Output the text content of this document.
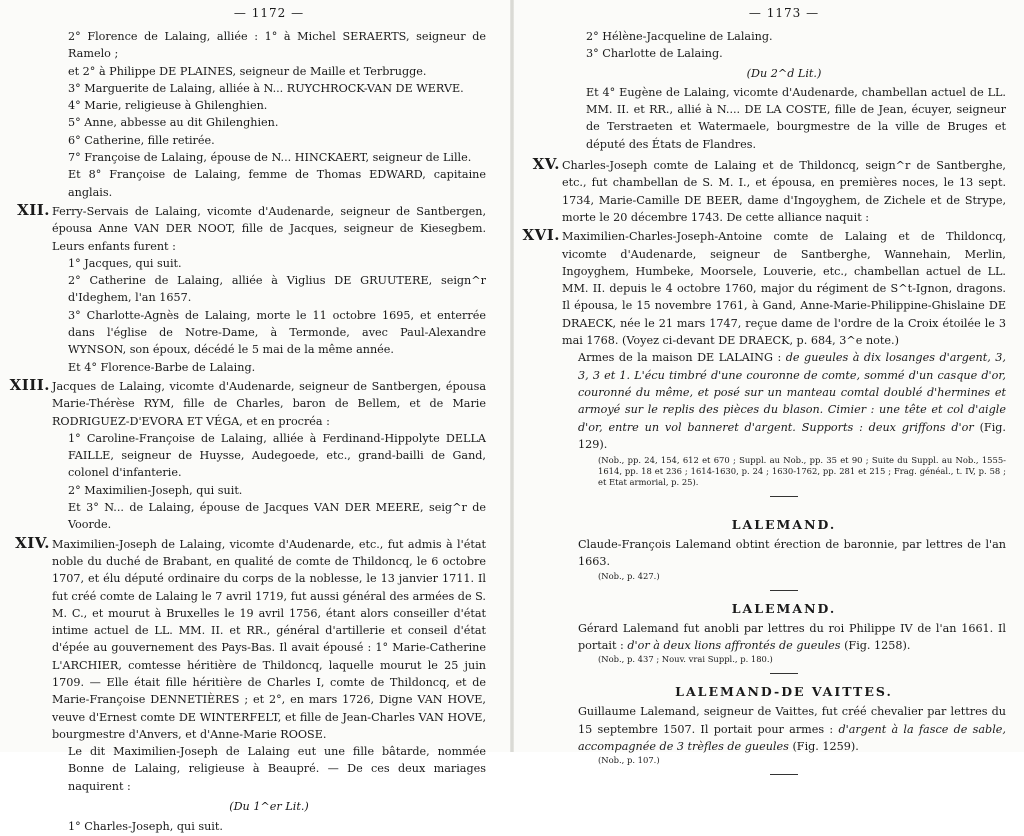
— 1172 —

2° Florence de Lalaing, alliée : 1° à Michel SERAERTS, seigneur de Ramelo ;

et 2° à Philippe DE PLAINES, seigneur de Maille et Terbrugge.

3° Marguerite de Lalaing, alliée à N... RUYCHROCK-VAN DE WERVE.

4° Marie, religieuse à Ghilenghien.

5° Anne, abbesse au dit Ghilenghien.

6° Catherine, fille retirée.

7° Françoise de Lalaing, épouse de N... HINCKAERT, seigneur de Lille.

Et 8° Françoise de Lalaing, femme de Thomas EDWARD, capitaine anglais.

XII. Ferry-Servais de Lalaing, vicomte d'Audenarde, seigneur de Santbergen, épousa Anne VAN DER NOOT, fille de Jacques, seigneur de Kiesegbem. Leurs enfants furent :

1° Jacques, qui suit.

2° Catherine de Lalaing, alliée à Viglius DE GRUUTERE, seign^r d'Ideghem, l'an 1657.

3° Charlotte-Agnès de Lalaing, morte le 11 octobre 1695, et enterrée dans l'église de Notre-Dame, à Termonde, avec Paul-Alexandre WYNSON, son époux, décédé le 5 mai de la même année.

Et 4° Florence-Barbe de Lalaing.

XIII. Jacques de Lalaing, vicomte d'Audenarde, seigneur de Santbergen, épousa Marie-Thérèse RYM, fille de Charles, baron de Bellem, et de Marie RODRIGUEZ-D'EVORA ET VÉGA, et en procréa :

1° Caroline-Françoise de Lalaing, alliée à Ferdinand-Hippolyte DELLA FAILLE, seigneur de Huysse, Audegoede, etc., grand-bailli de Gand, colonel d'infanterie.

2° Maximilien-Joseph, qui suit.

Et 3° N... de Lalaing, épouse de Jacques VAN DER MEERE, seig^r de Voorde.

XIV. Maximilien-Joseph de Lalaing, vicomte d'Audenarde, etc., fut admis à l'état noble du duché de Brabant, en qualité de comte de Thildoncq, le 6 octobre 1707, et élu député ordinaire du corps de la noblesse, le 13 janvier 1711. Il fut créé comte de Lalaing le 7 avril 1719, fut aussi général des armées de S. M. C., et mourut à Bruxelles le 19 avril 1756, étant alors conseiller d'état intime actuel de LL. MM. II. et RR., général d'artillerie et conseil d'état d'épée au gouvernement des Pays-Bas. Il avait épousé : 1° Marie-Catherine L'ARCHIER, comtesse héritière de Thildoncq, laquelle mourut le 25 juin 1709. — Elle était fille héritière de Charles I, comte de Thildoncq, et de Marie-Françoise DENNETIÈRES ; et 2°, en mars 1726, Digne VAN HOVE, veuve d'Ernest comte DE WINTERFELT, et fille de Jean-Charles VAN HOVE, bourgmestre d'Anvers, et d'Anne-Marie ROOSE.

Le dit Maximilien-Joseph de Lalaing eut une fille bâtarde, nommée Bonne de Lalaing, religieuse à Beaupré. — De ces deux mariages naquirent :

(Du 1^er Lit.)

1° Charles-Joseph, qui suit.

— 1173 —

2° Hélène-Jacqueline de Lalaing.

3° Charlotte de Lalaing.

(Du 2^d Lit.)

Et 4° Eugène de Lalaing, vicomte d'Audenarde, chambellan actuel de LL. MM. II. et RR., allié à N.... DE LA COSTE, fille de Jean, écuyer, seigneur de Terstraeten et Watermaele, bourgmestre de la ville de Bruges et député des États de Flandres.

XV. Charles-Joseph comte de Lalaing et de Thildoncq, seign^r de Santberghe, etc., fut chambellan de S. M. I., et épousa, en premières noces, le 13 sept. 1734, Marie-Camille DE BEER, dame d'Ingoyghem, de Zichele et de Strype, morte le 20 décembre 1743. De cette alliance naquit :

XVI. Maximilien-Charles-Joseph-Antoine comte de Lalaing et de Thildoncq, vicomte d'Audenarde, seigneur de Santberghe, Wannehain, Merlin, Ingoyghem, Humbeke, Moorsele, Louverie, etc., chambellan actuel de LL. MM. II. depuis le 4 octobre 1760, major du régiment de S^t-Ignon, dragons. Il épousa, le 15 novembre 1761, à Gand, Anne-Marie-Philippine-Ghislaine DE DRAECK, née le 21 mars 1747, reçue dame de l'ordre de la Croix étoilée le 3 mai 1768. (Voyez ci-devant DE DRAECK, p. 684, 3^e note.)

Armes de la maison DE LALAING : de gueules à dix losanges d'argent, 3, 3, 3 et 1. L'écu timbré d'une couronne de comte, sommé d'un casque d'or, couronné du même, et posé sur un manteau comtal doublé d'hermines et armoyé sur le replis des pièces du blason. Cimier : une tête et col d'aigle d'or, entre un vol banneret d'argent. Supports : deux griffons d'or (Fig. 129).

(Nob., pp. 24, 154, 612 et 670 ; Suppl. au Nob., pp. 35 et 90 ; Suite du Suppl. au Nob., 1555-1614, pp. 18 et 236 ; 1614-1630, p. 24 ; 1630-1762, pp. 281 et 215 ; Frag. généal., t. IV, p. 58 ; et Etat armorial, p. 25).

LALEMAND.

Claude-François Lalemand obtint érection de baronnie, par lettres de l'an 1663.

(Nob., p. 427.)

LALEMAND.

Gérard Lalemand fut anobli par lettres du roi Philippe IV de l'an 1661. Il portait : d'or à deux lions affrontés de gueules (Fig. 1258).

(Nob., p. 437 ; Nouv. vrai Suppl., p. 180.)

LALEMAND-DE VAITTES.

Guillaume Lalemand, seigneur de Vaittes, fut créé chevalier par lettres du 15 septembre 1507. Il portait pour armes : d'argent à la fasce de sable, accompagnée de 3 trèfles de gueules (Fig. 1259).

(Nob., p. 107.)
